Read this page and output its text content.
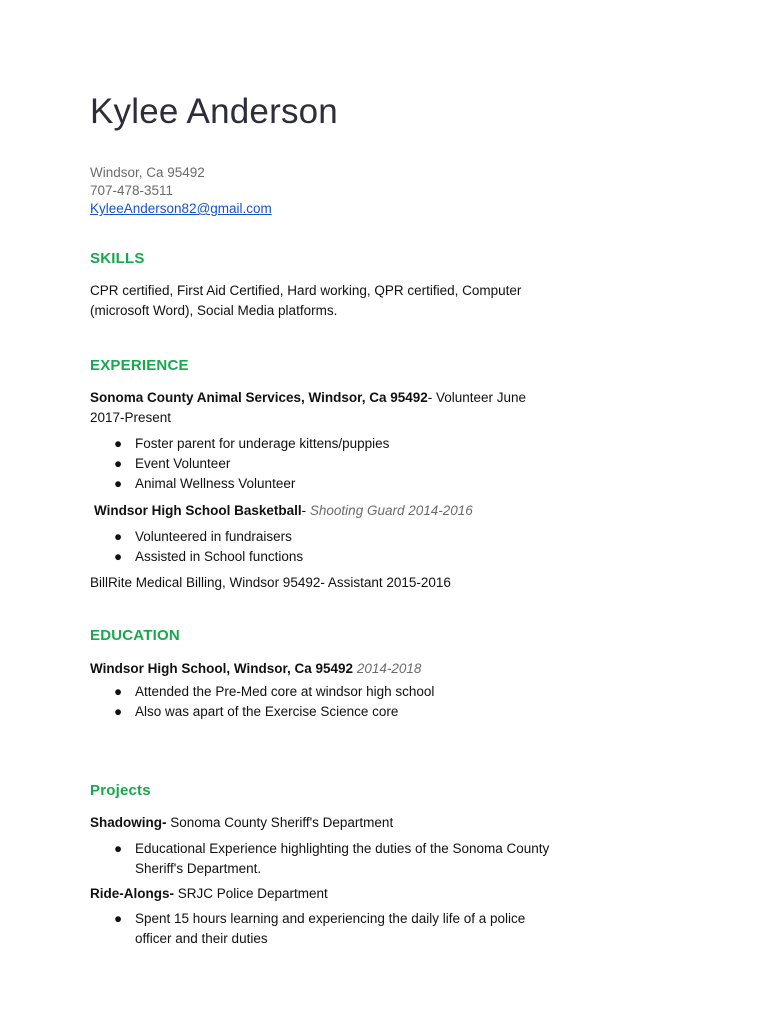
Kylee Anderson
Windsor, Ca 95492
707-478-3511
KyleeAnderson82@gmail.com
SKILLS

CPR certified, First Aid Certified, Hard working, QPR certified, Computer

(microsoft Word), Social Media platforms.

EXPERIENCE

Sonoma County Animal Services, Windsor, Ca 95492- Volunteer June

2017-Present

● Foster parent for underage kittens/puppies
● Event Volunteer
● Animal Wellness Volunteer

Windsor High School Basketball- Shooting Guard 2014-2016

● Volunteered in fundraisers
● Assisted in School functions

BillRite Medical Billing, Windsor 95492- Assistant 2015-2016

EDUCATION

Windsor High School, Windsor, Ca 95492 2014-2018

● Attended the Pre-Med core at windsor high school
● Also was apart of the Exercise Science core
Projects

Shadowing- Sonoma County Sheriff's Department

● Educational Experience highlighting the duties of the Sonoma County
Sheriff's Department.

Ride-Alongs- SRJC Police Department

● Spent 15 hours learning and experiencing the daily life of a police
officer and their duties
